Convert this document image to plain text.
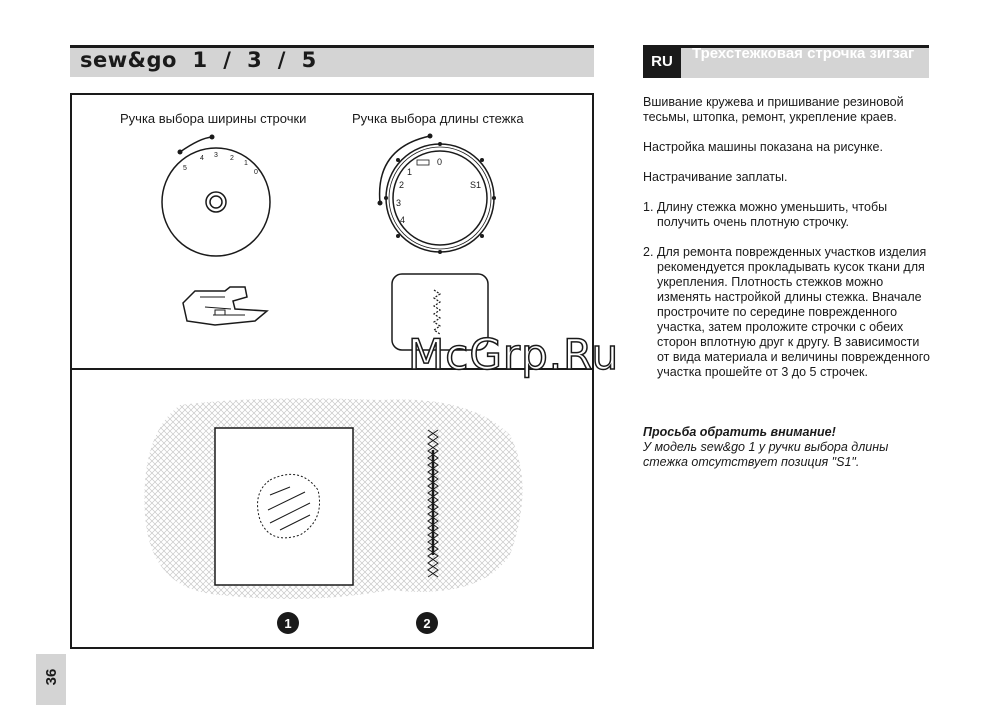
sew&go  1  /  3  /  5	RU	Трехстежковая строчка зигзаг
Ручка выбора ширины строчки	Ручка выбора длины стежка
5
4 3 2
1
0
0
1
2
3
4
S1
1	2
Вшивание кружева и пришивание резиновой тесьмы, штопка, ремонт, укрепление краев.
Настройка машины показана на рисунке.
Настрачивание заплаты.
1. Длину стежка можно уменьшить, чтобы получить очень плотную строчку.
2. Для ремонта поврежденных участков изделия рекомендуется прокладывать кусок ткани для укрепления. Плотность стежков можно изменять настройкой длины стежка. Вначале прострочите по середине поврежденного участка, затем проложите строчки с обеих сторон вплотную друг к другу. В зависимости от вида материала и величины поврежденного участка прошейте от 3 до 5 строчек.
Просьба обратить внимание!
У модель sew&go 1 у ручки выбора длины стежка отсутствует позиция "S1".
36
McGrp.Ru
